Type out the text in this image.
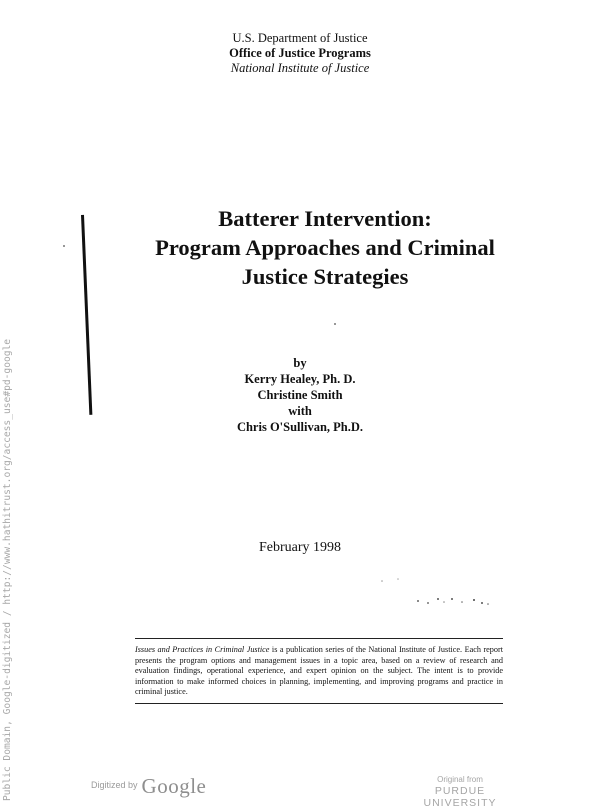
U.S. Department of Justice
Office of Justice Programs
National Institute of Justice
Batterer Intervention:
Program Approaches and Criminal
Justice Strategies
by
Kerry Healey, Ph. D.
Christine Smith
with
Chris O'Sullivan, Ph.D.
February 1998
Issues and Practices in Criminal Justice is a publication series of the National Institute of Justice. Each report presents the program options and management issues in a topic area, based on a review of research and evaluation findings, operational experience, and expert opinion on the subject. The intent is to provide information to make informed choices in planning, implementing, and improving programs and practice in criminal justice.
Public Domain, Google-digitized / http://www.hathitrust.org/access_use#pd-google	$^{Digitized by}$ Google	Original from
PURDUE UNIVERSITY
